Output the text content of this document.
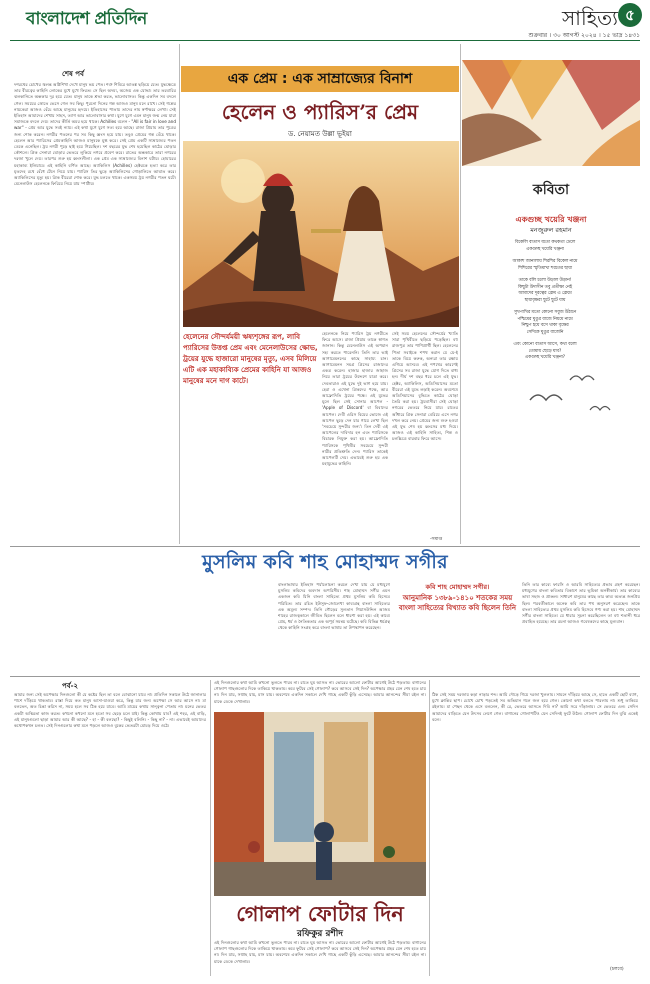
বাংলাদেশ প্রতিদিন	সাহিত্য ৫
শুক্রবার । ৩০ আগস্ট ২০২৪ । ১৫ ভাদ্র ১৪৩১
শেষ পর্ব
দশরথের চোখের জ্বলন্ত অগ্নিশিখা দেখে মানুষ ভয় পেত। শত্রু শিবিরে আতঙ্ক ছড়িয়ে যেত। যুদ্ধক্ষেত্রে তার বীরত্বের কাহিনি লোকের মুখে মুখে ফিরত। সে ছিল অদম্য, অজেয় এক যোদ্ধা। তার তরবারির ঝলকানিতে অন্ধকার দূর হয়ে যেত। মানুষ তাকে শ্রদ্ধা করত, ভালোবাসত। কিন্তু একদিন সব বদলে গেল। সময়ের স্রোতে ভেসে গেল সব কিছু। পুরনো দিনের গল্প আজও মানুষ মনে রাখে। সেই গল্পের নায়কেরা আজও বেঁচে আছে মানুষের হৃদয়ে। ইতিহাসের পাতায় তাদের নাম স্বর্ণাক্ষরে লেখা। সেই ইতিহাস আমাদের শেখায় সাহস, ত্যাগ আর ভালোবাসার কথা। যুগে যুগে এমন মানুষ জন্ম নেয় যারা সমাজকে বদলে দেয়। তাদের কীর্তি অমর হয়ে থাকে। Achilles বলেন - "All is fair in love and war" - প্রেম আর যুদ্ধে সবই ন্যায়। এই কথা যুগে যুগে সত্য হয়ে আছে। রাজা প্রিয়াম তার পুত্রের জন্য শোক করেন। নগরীর পতনের পর সব কিছু ধ্বংস হয়ে যায়। তবুও প্রেমের গল্প বেঁচে থাকে। হেলেন আর প্যারিসের প্রেমকাহিনি আজও মানুষকে মুগ্ধ করে। সেই প্রেম একটি সাম্রাজ্যের পতন ডেকে এনেছিল। ট্রয় নগরী পুড়ে ছাই হয়ে গিয়েছিল। দশ বছরের যুদ্ধ শেষ হয়েছিল কাঠের ঘোড়ার কৌশলে। গ্রিক সেনারা ঘোড়ার ভেতরে লুকিয়ে নগরে প্রবেশ করে। রাতের অন্ধকারে তারা নগরের দরজা খুলে দেয়। তারপর শুরু হয় ধ্বংসলীলা। এক প্রেম এক সাম্রাজ্যের বিনাশ ঘটায়। হোমারের মহাকাব্য ইলিয়াডে এই কাহিনি বর্ণিত আছে। অ্যাকিলিস (Achilles) হেক্টরকে হত্যা করে তার মৃতদেহ রথে বেঁধে টেনে নিয়ে যায়। প্যারিস তির ছুড়ে অ্যাকিলিসের গোড়ালিতে আঘাত করে। অ্যাকিলিসের মৃত্যু হয়। গ্রিক বীরেরা শোক করে। যুদ্ধ চলতে থাকে। একসময় ট্রয় নগরীর পতন ঘটে। মেনেলাউস হেলেনকে ফিরিয়ে নিয়ে যায় স্পার্টায়।
এক প্রেম : এক সাম্রাজ্যের বিনাশ
হেলেন ও প্যারিস’র প্রেম
ড. নেয়ামত উল্লা ভূইয়া
হেলেনের সৌন্দর্যময়ী ঋষ্যশৃঙ্গের রূপ, লাবি প্যারিসের উত্তপ্ত প্রেম এবং মেনেলাউসের ক্ষোভ, ট্রয়ের যুদ্ধে হাজারো মানুষের মৃত্যু, এসব মিলিয়ে এটি এক মহাকাব্যিক প্রেমের কাহিনি যা আজও মানুষের মনে দাগ কাটে।
হেলেনকে নিয়ে প্যারিস ট্রয় নগরীতে ফিরে আসে। রাজা প্রিয়াম তাকে স্বাগত জানান। কিন্তু মেনেলাউস এই অপমান সহ্য করতে পারেননি। তিনি তার ভাই আগামেমননের কাছে সাহায্য চান। আগামেমনন সমগ্র গ্রিসের রাজাদের একত্র করেন। হাজার হাজার জাহাজ নিয়ে তারা ট্রয়ের উদ্দেশে যাত্রা করে। দেবতারাও এই যুদ্ধে দুই ভাগ হয়ে যায়। হেরা ও এথেনা গ্রিকদের পক্ষে, আর আফ্রোদিতি ট্রয়ের পক্ষে। এই যুদ্ধের মূলে ছিল সেই সোনার আপেল - 'Apple of Discord' বা বিবাদের আপেল। দেবী এরিস বিয়ের ভোজে এই আপেল ছুড়ে দেন যার গায়ে লেখা ছিল 'সবচেয়ে সুন্দরীর জন্য'। তিন দেবী এই আপেলের দাবিদার হন এবং প্যারিসকে বিচারক নিযুক্ত করা হয়। আফ্রোদিতি প্যারিসকে পৃথিবীর সবচেয়ে সুন্দরী নারীর প্রতিশ্রুতি দেন। প্যারিস তাকেই আপেলটি দেয়। এভাবেই শুরু হয় এক মহাযুদ্ধের কাহিনি।
সেই সময় হেলেনের সৌন্দর্যের খ্যাতি সারা পৃথিবীতে ছড়িয়ে পড়েছিল। বহু রাজপুত্র তার পাণিপ্রার্থী ছিল। হেলেনের পিতা সবাইকে শপথ করান যে যে-ই তাকে বিয়ে করুক, অন্যরা তার রক্ষায় এগিয়ে আসবে। এই শপথের কারণেই গ্রিসের সব রাজা যুদ্ধে যোগ দিতে বাধ্য হন। দীর্ঘ দশ বছর ধরে চলে এই যুদ্ধ। হেক্টর, অ্যাকিলিস, অডিসিয়াসের মতো বীরেরা এই যুদ্ধে লড়াই করেন। অবশেষে অডিসিয়াসের বুদ্ধিতে কাঠের ঘোড়া তৈরি করা হয়। ট্রয়বাসীরা সেই ঘোড়া নগরের ভেতরে নিয়ে যায়। রাতের আঁধারে গ্রিক সেনারা বেরিয়ে এসে নগর দখল করে নেয়। প্রেমের জন্য শুরু হওয়া এই যুদ্ধ শেষ হয় ধ্বংসের মধ্য দিয়ে। আজও এই কাহিনি সাহিত্য, শিল্প ও চলচ্চিত্রে বারবার ফিরে আসে।
-সমাপ্ত
কবিতা
একগুচ্ছ খয়েরি খঞ্জনা
মনজুরুল রহমান
বিকেলি বাতাস যতো কথকতা ঢেলে
একগুচ্ছ খয়েরি খঞ্জনা
আকাশ জানালায় শিরশির বিকেল নামে
শিশিরের স্মৃতিমাখা শরতের ছায়া
তাকে বলি চলো উড়াল উড়ান!
কিছুটা উদাসীন তবু প্রতীক্ষা নেই
আমাদের দূরত্বের ফ্রেম এ ফ্রেমে
ছায়াবৃক্ষরা ছুটে ছুটে যায়
সুখপাখির মতো কোনো সবুজ উঠানে
পশ্চিমের ঘুঙুর বাজে নিয়মে নামে
নিশ্চুপ হয়ে বসে থাকা বৃক্ষের
সেদিকে ঘুঙুর বাজেনি
এবং কোনো বাতাস আসে, কথা বলো
তোমায় ছেড়ে যাব?
একগুচ্ছ খয়েরি খঞ্জনা?
মুসলিম কবি শাহ মোহাম্মদ সগীর
বাংলাভাষার ইতিহাস পর্যালোচনা করলে দেখা যায় যে মধ্যযুগে মুসলিম কবিদের অবদান অপরিসীম। শাহ মোহাম্মদ সগীর এমন একজন কবি যিনি বাংলা সাহিত্যে প্রথম মুসলিম কবি হিসেবে পরিচিত। তার রচিত ইউসুফ-জোলেখা কাব্যগ্রন্থ বাংলা সাহিত্যের এক অমূল্য সম্পদ। তিনি গৌড়ের সুলতান গিয়াসউদ্দিন আজম শাহের রাজত্বকালে জীবিত ছিলেন বলে ধারণা করা হয়। এই কাব্যে প্রেম, ধর্ম ও নৈতিকতার এক অপূর্ব সমন্বয় ঘটেছে। কবি বিভিন্ন ধর্মগ্রন্থ থেকে কাহিনি সংগ্রহ করে বাংলা ভাষায় তা উপস্থাপন করেছেন।
কবি শাহ মোহাম্মদ সগীর।
আনুমানিক ১৩৮৯-১৪১০ শতকের সময় বাংলা সাহিত্যের বিখ্যাত কবি ছিলেন তিনি
তিনি তার কাব্যে ফারসি ও আরবি সাহিত্যের প্রভাব গ্রহণ করেছেন। মধ্যযুগের বাংলা কবিতার বিকাশে তার ভূমিকা অনস্বীকার্য। তার কাব্যের ভাষা সহজ ও প্রাঞ্জল। সাধারণ মানুষের কাছে তার কাব্য অত্যন্ত জনপ্রিয় ছিল। পরবর্তীকালে অনেক কবি তার পথ অনুসরণ করেছেন। তাকে বাংলা সাহিত্যের প্রথম মুসলিম কবি হিসেবে গণ্য করা হয়। শাহ মোহাম্মদ সগীর বাংলা সাহিত্যে যে ধারার সূচনা করেছিলেন তা বহু শতাব্দী ধরে প্রবাহিত হয়েছে। তার রচনা আজও গবেষকদের কাছে মূল্যবান।
পর্ব-২
আমার জন্য সেই অপেক্ষার দিনগুলো কী যে কষ্টের ছিল তা বলে বোঝানো যাবে না। প্রতিদিন সকালে উঠে জানালার পাশে দাঁড়িয়ে থাকতাম। রাস্তা দিয়ে কত মানুষ আসা-যাওয়া করে, কিন্তু যার জন্য অপেক্ষা সে আর আসে না। মা বলতেন, অত চিন্তা করিস না, সময় হলে সব ঠিক হয়ে যাবে। আমি মায়ের কথায় সান্ত্বনা পেতাম না। মনের ভেতর একটা অস্থিরতা কাজ করত। কখনো কখনো মনে হতো সব ছেড়ে চলে যাই। কিন্তু কোথায় যাব? এই শহর, এই বাড়ি, এই মানুষগুলো ছাড়া আমার আর কী আছে? - হা - কী বলছো? - কিছুই বলিনি। - কিছু না? - না। এভাবেই আমাদের কথোপকথন চলত। সেই দিনগুলোর কথা মনে পড়লে আজও বুকের ভেতরটা মোচড় দিয়ে ওঠে।
এই দিনগুলোর কথা আমি কখনো ভুলতে পারব না। রাতে ঘুম আসত না। ভোরের আলো ফোটার আগেই উঠে পড়তাম। বাগানের গোলাপ গাছগুলোর দিকে তাকিয়ে থাকতাম। কবে ফুটবে সেই গোলাপ? কবে আসবে সেই দিন? অপেক্ষার প্রহর যেন শেষ হতে চায় না। দিন যায়, সপ্তাহ যায়, মাস যায়। অবশেষে একদিন সকালে দেখি গাছে একটি কুঁড়ি এসেছে। আমার আনন্দের সীমা রইল না। মাকে ডেকে দেখালাম।
গোলাপ ফোটার দিন
রফিকুর রশীদ
এই দিনগুলোর কথা আমি কখনো ভুলতে পারব না। রাতে ঘুম আসত না। ভোরের আলো ফোটার আগেই উঠে পড়তাম। বাগানের গোলাপ গাছগুলোর দিকে তাকিয়ে থাকতাম। কবে ফুটবে সেই গোলাপ? কবে আসবে সেই দিন? অপেক্ষার প্রহর যেন শেষ হতে চায় না। দিন যায়, সপ্তাহ যায়, মাস যায়। অবশেষে একদিন সকালে দেখি গাছে একটি কুঁড়ি এসেছে। আমার আনন্দের সীমা রইল না। মাকে ডেকে দেখালাম।
ঠিক সেই সময় দরজায় কড়া নাড়ার শব্দ। আমি দৌড়ে গিয়ে দরজা খুললাম। সামনে দাঁড়িয়ে আছে সে, হাতে একটি ছোট ব্যাগ, মুখে ক্লান্তির ছাপ। চোখে চোখ পড়তেই সব অভিমান গলে জল হয়ে গেল। কোনো কথা বলতে পারলাম না। শুধু তাকিয়ে রইলাম। মা পেছন থেকে এসে বললেন, কী রে, ভেতরে আসতে দিবি না? আমি সরে দাঁড়ালাম। সে ভেতরে এল। সেদিন আমাদের বাড়িতে যেন উৎসব লেগে গেল। বাগানের গোলাপটিও যেন সেদিনই ফুটে উঠল। গোলাপ ফোটার দিন বুঝি একেই বলে।
(চলবে)
